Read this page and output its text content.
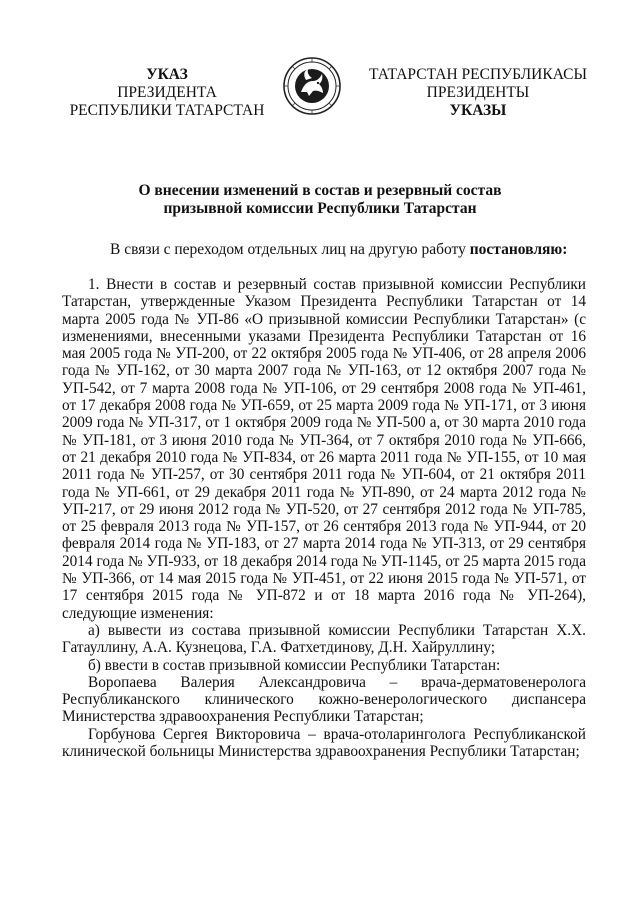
УКАЗ
ПРЕЗИДЕНТА
РЕСПУБЛИКИ ТАТАРСТАН
ТАТАРСТАН РЕСПУБЛИКАСЫ
ПРЕЗИДЕНТЫ
УКАЗЫ
О внесении изменений в состав и резервный состав
призывной комиссии Республики Татарстан
В связи с переходом отдельных лиц на другую работу постановляю:

1. Внести в состав и резервный состав призывной комиссии Республики Татарстан, утвержденные Указом Президента Республики Татарстан от 14 марта 2005 года № УП-86 «О призывной комиссии Республики Татарстан» (с изменениями, внесенными указами Президента Республики Татарстан от 16 мая 2005 года № УП-200, от 22 октября 2005 года № УП-406, от 28 апреля 2006 года № УП-162, от 30 марта 2007 года № УП-163, от 12 октября 2007 года № УП-542, от 7 марта 2008 года № УП-106, от 29 сентября 2008 года № УП-461, от 17 декабря 2008 года № УП-659, от 25 марта 2009 года № УП-171, от 3 июня 2009 года № УП-317, от 1 октября 2009 года № УП-500 а, от 30 марта 2010 года № УП-181, от 3 июня 2010 года № УП-364, от 7 октября 2010 года № УП-666, от 21 декабря 2010 года № УП-834, от 26 марта 2011 года № УП-155, от 10 мая 2011 года № УП-257, от 30 сентября 2011 года № УП-604, от 21 октября 2011 года № УП-661, от 29 декабря 2011 года № УП-890, от 24 марта 2012 года № УП-217, от 29 июня 2012 года № УП-520, от 27 сентября 2012 года № УП-785, от 25 февраля 2013 года № УП-157, от 26 сентября 2013 года № УП-944, от 20 февраля 2014 года № УП-183, от 27 марта 2014 года № УП-313, от 29 сентября 2014 года № УП-933, от 18 декабря 2014 года № УП-1145, от 25 марта 2015 года № УП-366, от 14 мая 2015 года № УП-451, от 22 июня 2015 года № УП-571, от 17 сентября 2015 года № УП-872 и от 18 марта 2016 года № УП-264), следующие изменения:

а) вывести из состава призывной комиссии Республики Татарстан Х.Х. Гатауллину, А.А. Кузнецова, Г.А. Фатхетдинову, Д.Н. Хайруллину;

б) ввести в состав призывной комиссии Республики Татарстан:

Воропаева Валерия Александровича – врача-дерматовенеролога Республиканского клинического кожно-венерологического диспансера Министерства здравоохранения Республики Татарстан;

Горбунова Сергея Викторовича – врача-отоларинголога Республиканской клинической больницы Министерства здравоохранения Республики Татарстан;
